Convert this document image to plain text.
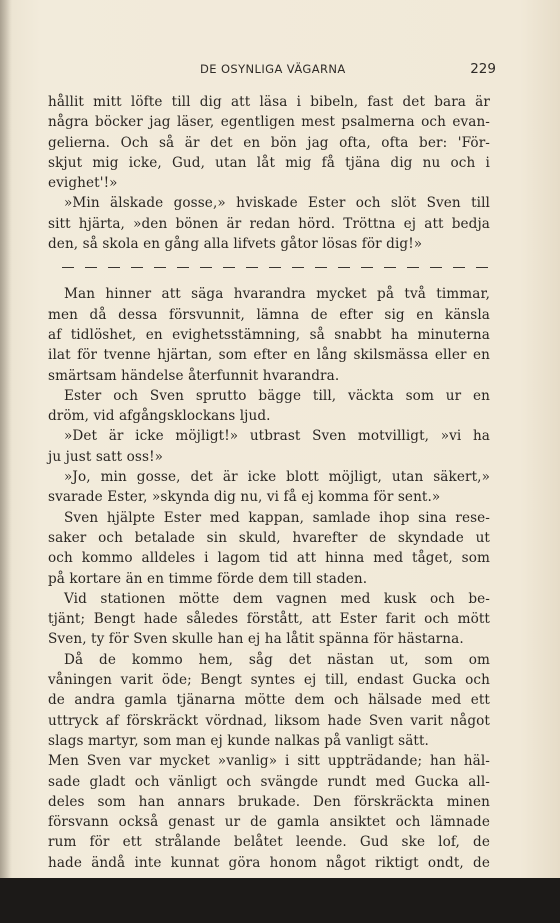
DE OSYNLIGA VÄGARNA	229
hållit mitt löfte till dig att läsa i bibeln, fast det bara är
några böcker jag läser, egentligen mest psalmerna och evan-
gelierna. Och så är det en bön jag ofta, ofta ber: 'För-
skjut mig icke, Gud, utan låt mig få tjäna dig nu och i
evighet'!»
»Min älskade gosse,» hviskade Ester och slöt Sven till
sitt hjärta, »den bönen är redan hörd. Tröttna ej att bedja
den, så skola en gång alla lifvets gåtor lösas för dig!»
Man hinner att säga hvarandra mycket på två timmar,
men då dessa försvunnit, lämna de efter sig en känsla
af tidlöshet, en evighetsstämning, så snabbt ha minuterna
ilat för tvenne hjärtan, som efter en lång skilsmässa eller en
smärtsam händelse återfunnit hvarandra.
Ester och Sven sprutto bägge till, väckta som ur en
dröm, vid afgångsklockans ljud.
»Det är icke möjligt!» utbrast Sven motvilligt, »vi ha
ju just satt oss!»
»Jo, min gosse, det är icke blott möjligt, utan säkert,»
svarade Ester, »skynda dig nu, vi få ej komma för sent.»
Sven hjälpte Ester med kappan, samlade ihop sina rese-
saker och betalade sin skuld, hvarefter de skyndade ut
och kommo alldeles i lagom tid att hinna med tåget, som
på kortare än en timme förde dem till staden.
Vid stationen mötte dem vagnen med kusk och be-
tjänt; Bengt hade således förstått, att Ester farit och mött
Sven, ty för Sven skulle han ej ha låtit spänna för hästarna.
Då de kommo hem, såg det nästan ut, som om
våningen varit öde; Bengt syntes ej till, endast Gucka och
de andra gamla tjänarna mötte dem och hälsade med ett
uttryck af förskräckt vördnad, liksom hade Sven varit något
slags martyr, som man ej kunde nalkas på vanligt sätt.
Men Sven var mycket »vanlig» i sitt uppträdande; han häl-
sade gladt och vänligt och svängde rundt med Gucka all-
deles som han annars brukade. Den förskräckta minen
försvann också genast ur de gamla ansiktet och lämnade
rum för ett strålande belåtet leende. Gud ske lof, de
hade ändå inte kunnat göra honom något riktigt ondt, de
